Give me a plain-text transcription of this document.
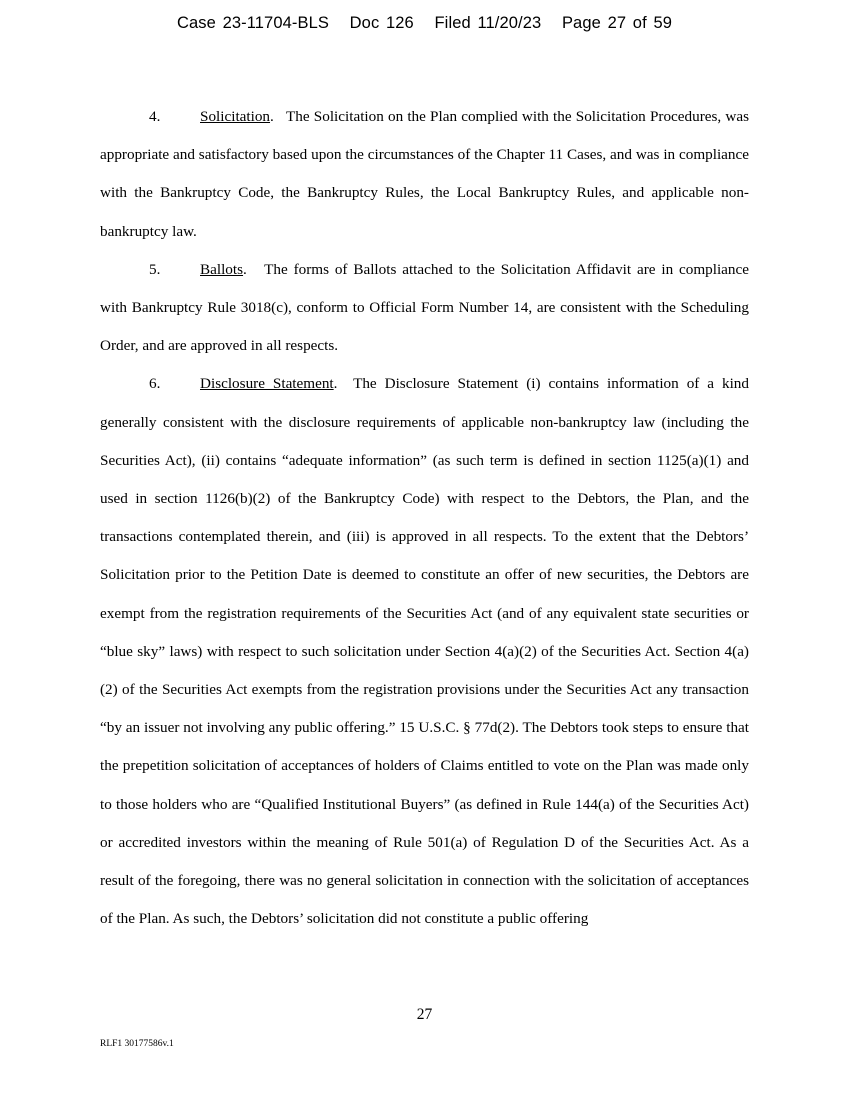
Case 23-11704-BLS Doc 126 Filed 11/20/23 Page 27 of 59

4.	Solicitation.   The Solicitation on the Plan complied with the Solicitation Procedures, was appropriate and satisfactory based upon the circumstances of the Chapter 11 Cases, and was in compliance with the Bankruptcy Code, the Bankruptcy Rules, the Local Bankruptcy Rules, and applicable non-bankruptcy law.

5.	Ballots.   The forms of Ballots attached to the Solicitation Affidavit are in compliance with Bankruptcy Rule 3018(c), conform to Official Form Number 14, are consistent with the Scheduling Order, and are approved in all respects.

6.	Disclosure Statement.  The Disclosure Statement (i) contains information of a kind generally consistent with the disclosure requirements of applicable non-bankruptcy law (including the Securities Act), (ii) contains “adequate information” (as such term is defined in section 1125(a)(1) and used in section 1126(b)(2) of the Bankruptcy Code) with respect to the Debtors, the Plan, and the transactions contemplated therein, and (iii) is approved in all respects. To the extent that the Debtors’ Solicitation prior to the Petition Date is deemed to constitute an offer of new securities, the Debtors are exempt from the registration requirements of the Securities Act (and of any equivalent state securities or “blue sky” laws) with respect to such solicitation under Section 4(a)(2) of the Securities Act. Section 4(a)(2) of the Securities Act exempts from the registration provisions under the Securities Act any transaction “by an issuer not involving any public offering.” 15 U.S.C. § 77d(2). The Debtors took steps to ensure that the prepetition solicitation of acceptances of holders of Claims entitled to vote on the Plan was made only to those holders who are “Qualified Institutional Buyers” (as defined in Rule 144(a) of the Securities Act) or accredited investors within the meaning of Rule 501(a) of Regulation D of the Securities Act. As a result of the foregoing, there was no general solicitation in connection with the solicitation of acceptances of the Plan. As such, the Debtors’ solicitation did not constitute a public offering

27
RLF1 30177586v.1
